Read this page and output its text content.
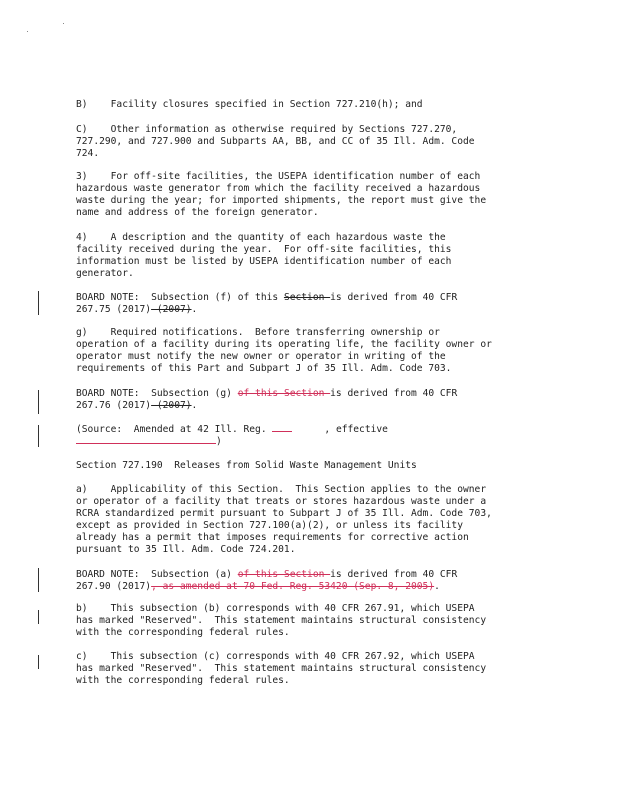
B)    Facility closures specified in Section 727.210(h); and

C)    Other information as otherwise required by Sections 727.270,
727.290, and 727.900 and Subparts AA, BB, and CC of 35 Ill. Adm. Code
724.

3)    For off-site facilities, the USEPA identification number of each
hazardous waste generator from which the facility received a hazardous
waste during the year; for imported shipments, the report must give the
name and address of the foreign generator.

4)    A description and the quantity of each hazardous waste the
facility received during the year.  For off-site facilities, this
information must be listed by USEPA identification number of each
generator.

BOARD NOTE:  Subsection (f) of this Section is derived from 40 CFR
267.75 (2017) (2007).

g)    Required notifications.  Before transferring ownership or
operation of a facility during its operating life, the facility owner or
operator must notify the new owner or operator in writing of the
requirements of this Part and Subpart J of 35 Ill. Adm. Code 703.

BOARD NOTE:  Subsection (g) of this Section is derived from 40 CFR
267.76 (2017) (2007).

(Source:  Amended at 42 Ill. Reg.	, effective
)

Section 727.190  Releases from Solid Waste Management Units

a)    Applicability of this Section.  This Section applies to the owner
or operator of a facility that treats or stores hazardous waste under a
RCRA standardized permit pursuant to Subpart J of 35 Ill. Adm. Code 703,
except as provided in Section 727.100(a)(2), or unless its facility
already has a permit that imposes requirements for corrective action
pursuant to 35 Ill. Adm. Code 724.201.

BOARD NOTE:  Subsection (a) of this Section is derived from 40 CFR
267.90 (2017), as amended at 70 Fed. Reg. 53420 (Sep. 8, 2005).

b)    This subsection (b) corresponds with 40 CFR 267.91, which USEPA
has marked "Reserved".  This statement maintains structural consistency
with the corresponding federal rules.

c)    This subsection (c) corresponds with 40 CFR 267.92, which USEPA
has marked "Reserved".  This statement maintains structural consistency
with the corresponding federal rules.
